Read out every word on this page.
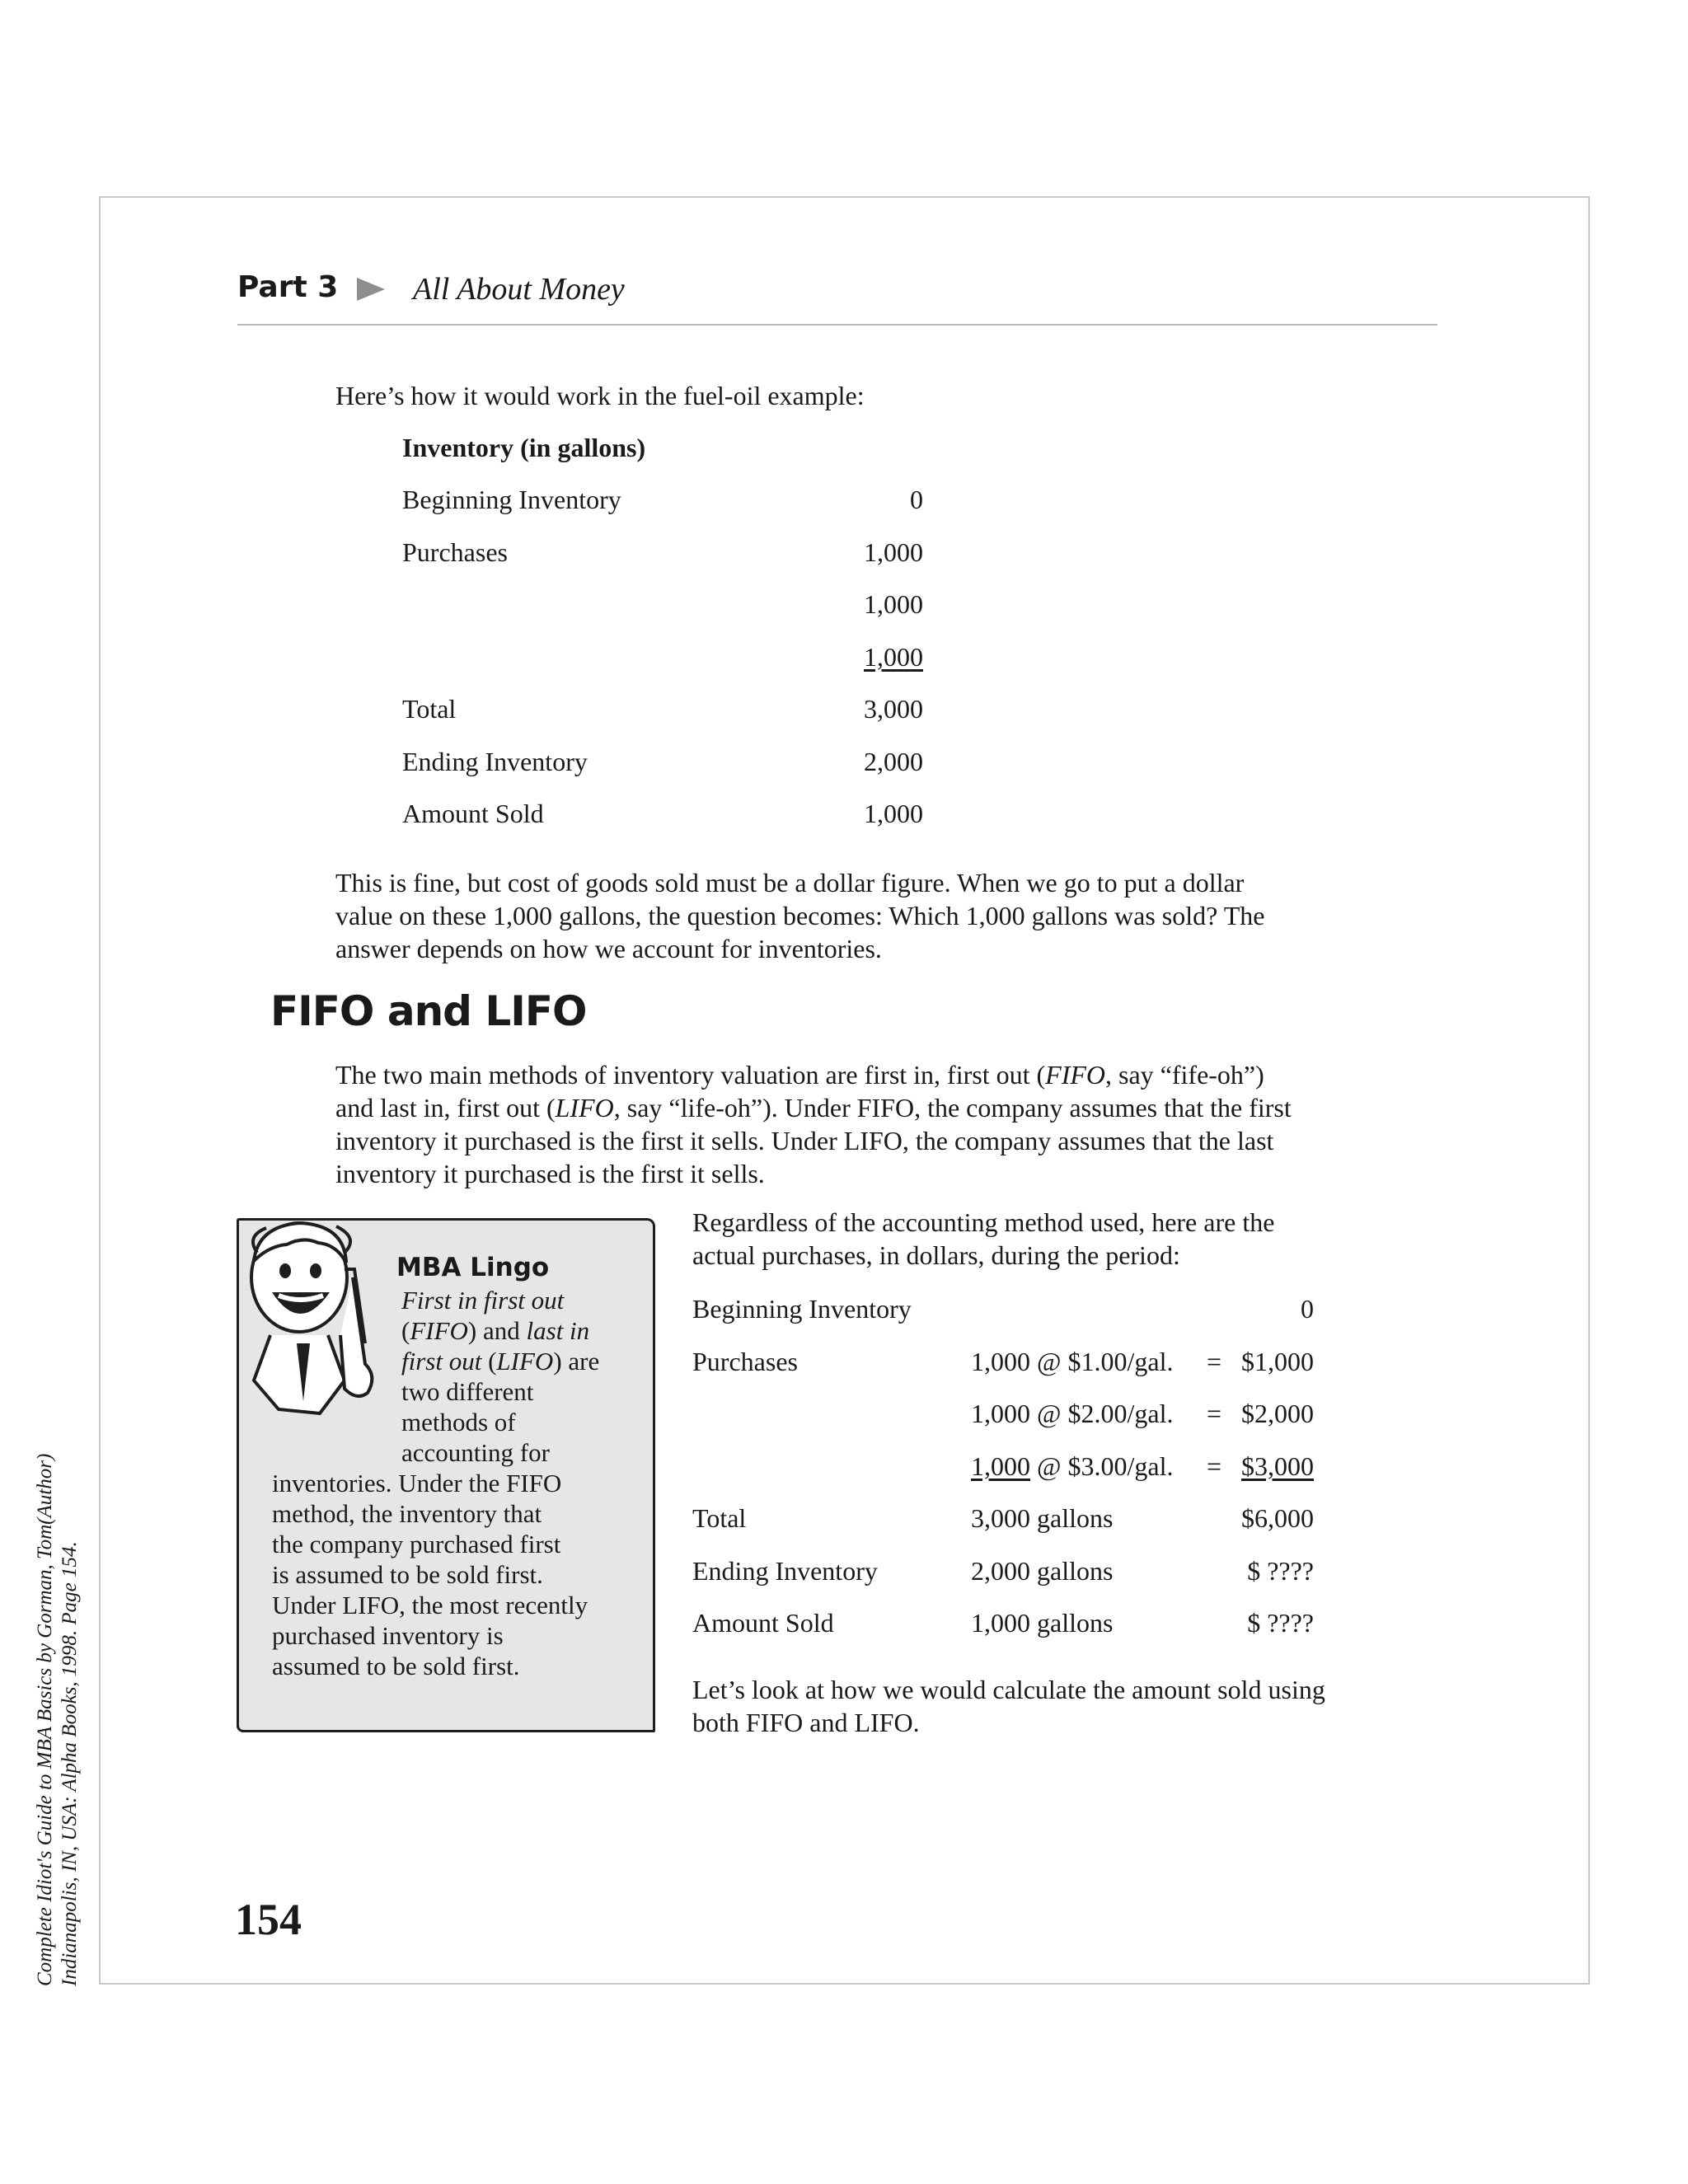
Part 3 All About Money

Here’s how it would work in the fuel-oil example:

Inventory (in gallons)
Beginning Inventory	0
Purchases	1,000
1,000
1,000
Total	3,000
Ending Inventory	2,000
Amount Sold	1,000
This is fine, but cost of goods sold must be a dollar figure. When we go to put a dollar
value on these 1,000 gallons, the question becomes: Which 1,000 gallons was sold? The
answer depends on how we account for inventories.
FIFO and LIFO
The two main methods of inventory valuation are first in, first out (FIFO, say “fife-oh”)
and last in, first out (LIFO, say “life-oh”). Under FIFO, the company assumes that the first
inventory it purchased is the first it sells. Under LIFO, the company assumes that the last
inventory it purchased is the first it sells.
MBA Lingo
First in first out
(FIFO) and last in
first out (LIFO) are
two different
methods of
accounting for
inventories. Under the FIFO
method, the inventory that
the company purchased first
is assumed to be sold first.
Under LIFO, the most recently
purchased inventory is
assumed to be sold first.
Regardless of the accounting method used, here are the
actual purchases, in dollars, during the period:
Beginning Inventory	0
Purchases	1,000 @ $1.00/gal. = $1,000
1,000 @ $2.00/gal. = $2,000
1,000 @ $3.00/gal. = $3,000
Total	3,000 gallons	$6,000
Ending Inventory	2,000 gallons	$ ????
Amount Sold	1,000 gallons	$ ????
Let’s look at how we would calculate the amount sold using
both FIFO and LIFO.
154
Complete Idiot's Guide to MBA Basics by Gorman, Tom(Author) Indianapolis, IN, USA: Alpha Books, 1998. Page 154.
